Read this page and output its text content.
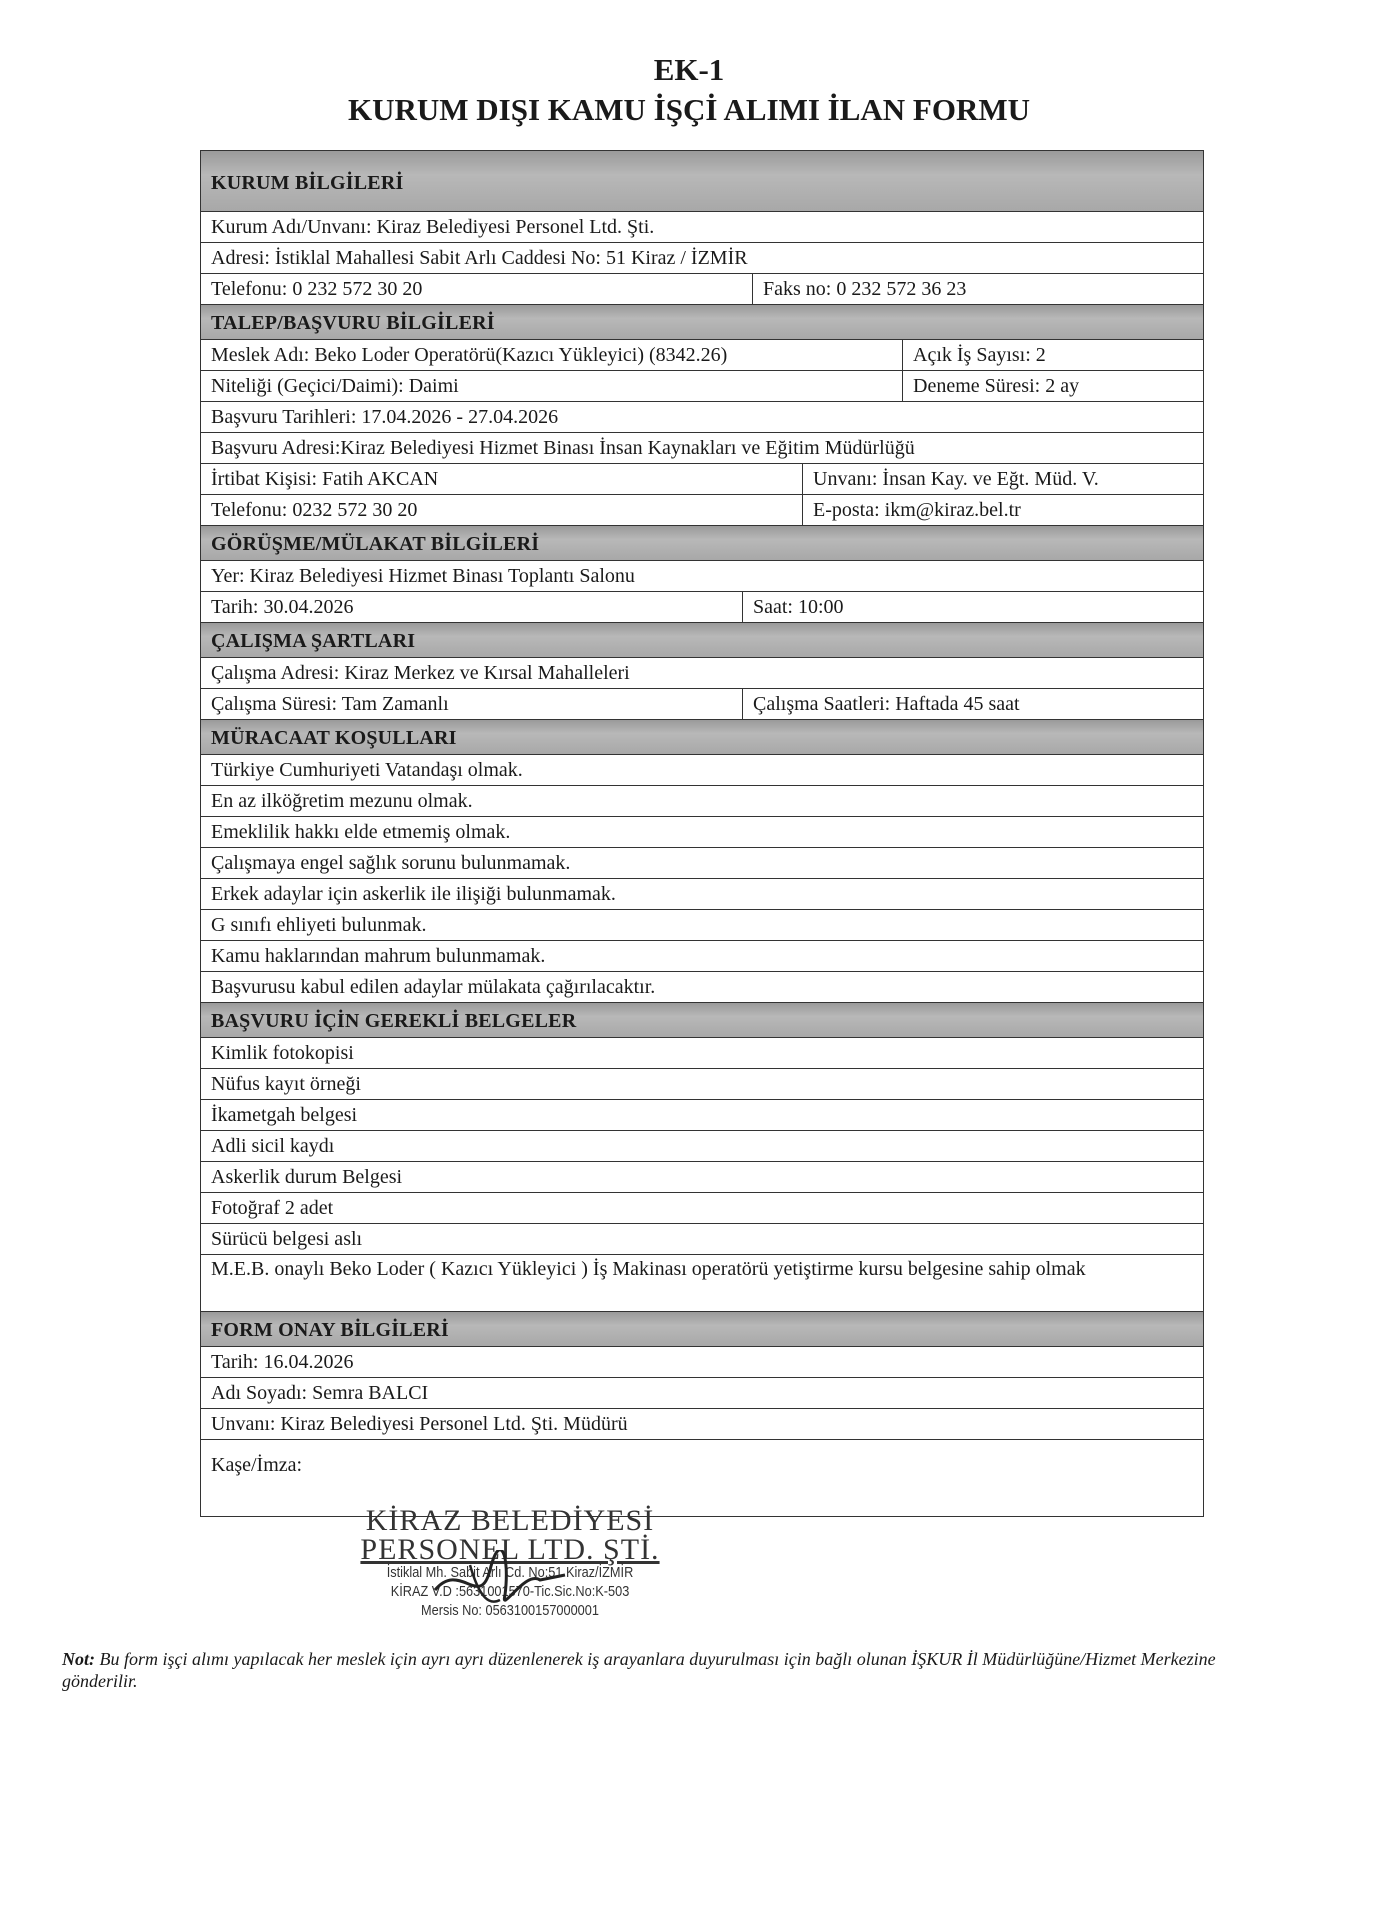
EK-1
KURUM DIŞI KAMU İŞÇİ ALIMI İLAN FORMU
KURUM BİLGİLERİ
Kurum Adı/Unvanı: Kiraz Belediyesi Personel Ltd. Şti.
Adresi: İstiklal Mahallesi Sabit Arlı Caddesi No: 51 Kiraz / İZMİR
Telefonu: 0 232 572 30 20	Faks no: 0 232 572 36 23
TALEP/BAŞVURU BİLGİLERİ
Meslek Adı: Beko Loder Operatörü(Kazıcı Yükleyici) (8342.26)	Açık İş Sayısı: 2
Niteliği (Geçici/Daimi): Daimi	Deneme Süresi: 2 ay
Başvuru Tarihleri: 17.04.2026 - 27.04.2026
Başvuru Adresi:Kiraz Belediyesi Hizmet Binası İnsan Kaynakları ve Eğitim Müdürlüğü
İrtibat Kişisi: Fatih AKCAN	Unvanı: İnsan Kay. ve Eğt. Müd. V.
Telefonu: 0232 572 30 20	E-posta: ikm@kiraz.bel.tr
GÖRÜŞME/MÜLAKAT BİLGİLERİ
Yer: Kiraz Belediyesi Hizmet Binası Toplantı Salonu
Tarih: 30.04.2026	Saat: 10:00
ÇALIŞMA ŞARTLARI
Çalışma Adresi: Kiraz Merkez ve Kırsal Mahalleleri
Çalışma Süresi: Tam Zamanlı	Çalışma Saatleri: Haftada 45 saat
MÜRACAAT KOŞULLARI
Türkiye Cumhuriyeti Vatandaşı olmak.
En az ilköğretim mezunu olmak.
Emeklilik hakkı elde etmemiş olmak.
Çalışmaya engel sağlık sorunu bulunmamak.
Erkek adaylar için askerlik ile ilişiği bulunmamak.
G sınıfı ehliyeti bulunmak.
Kamu haklarından mahrum bulunmamak.
Başvurusu kabul edilen adaylar mülakata çağırılacaktır.
BAŞVURU İÇİN GEREKLİ BELGELER
Kimlik fotokopisi
Nüfus kayıt örneği
İkametgah belgesi
Adli sicil kaydı
Askerlik durum Belgesi
Fotoğraf 2 adet
Sürücü belgesi aslı
M.E.B. onaylı Beko Loder ( Kazıcı Yükleyici ) İş Makinası operatörü yetiştirme kursu belgesine sahip olmak
FORM ONAY BİLGİLERİ
Tarih: 16.04.2026
Adı Soyadı: Semra BALCI
Unvanı: Kiraz Belediyesi Personel Ltd. Şti. Müdürü
Kaşe/İmza:
KİRAZ BELEDİYESİ
PERSONEL LTD. ŞTİ.
İstiklal Mh. Sabit Arlı Cd. No:51 Kiraz/İZMİR
KİRAZ V.D :5631001570-Tic.Sic.No:K-503
Mersis No: 0563100157000001
Not: Bu form işçi alımı yapılacak her meslek için ayrı ayrı düzenlenerek iş arayanlara duyurulması için bağlı olunan İŞKUR İl Müdürlüğüne/Hizmet Merkezine gönderilir.
